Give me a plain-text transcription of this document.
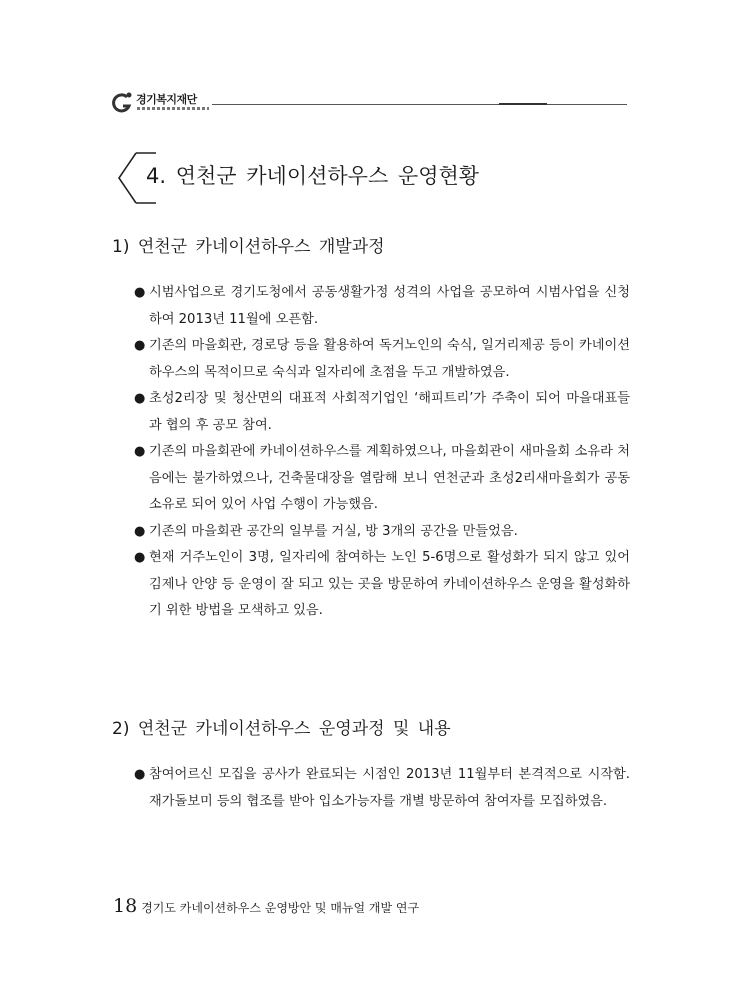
경기복지재단
4. 연천군 카네이션하우스 운영현황
1) 연천군 카네이션하우스 개발과정
● 시범사업으로 경기도청에서 공동생활가정 성격의 사업을 공모하여 시범사업을 신청하여 2013년 11월에 오픈함.
● 기존의 마을회관, 경로당 등을 활용하여 독거노인의 숙식, 일거리제공 등이 카네이션하우스의 목적이므로 숙식과 일자리에 초점을 두고 개발하였음.
● 초성2리장 및 청산면의 대표적 사회적기업인 ‘해피트리’가 주축이 되어 마을대표들과 협의 후 공모 참여.
● 기존의 마을회관에 카네이션하우스를 계획하였으나, 마을회관이 새마을회 소유라 처음에는 불가하였으나, 건축물대장을 열람해 보니 연천군과 초성2리새마을회가 공동소유로 되어 있어 사업 수행이 가능했음.
● 기존의 마을회관 공간의 일부를 거실, 방 3개의 공간을 만들었음.
● 현재 거주노인이 3명, 일자리에 참여하는 노인 5-6명으로 활성화가 되지 않고 있어 김제나 안양 등 운영이 잘 되고 있는 곳을 방문하여 카네이션하우스 운영을 활성화하기 위한 방법을 모색하고 있음.
2) 연천군 카네이션하우스 운영과정 및 내용
● 참여어르신 모집을 공사가 완료되는 시점인 2013년 11월부터 본격적으로 시작함. 재가돌보미 등의 협조를 받아 입소가능자를 개별 방문하여 참여자를 모집하였음.
18 경기도 카네이션하우스 운영방안 및 매뉴얼 개발 연구
